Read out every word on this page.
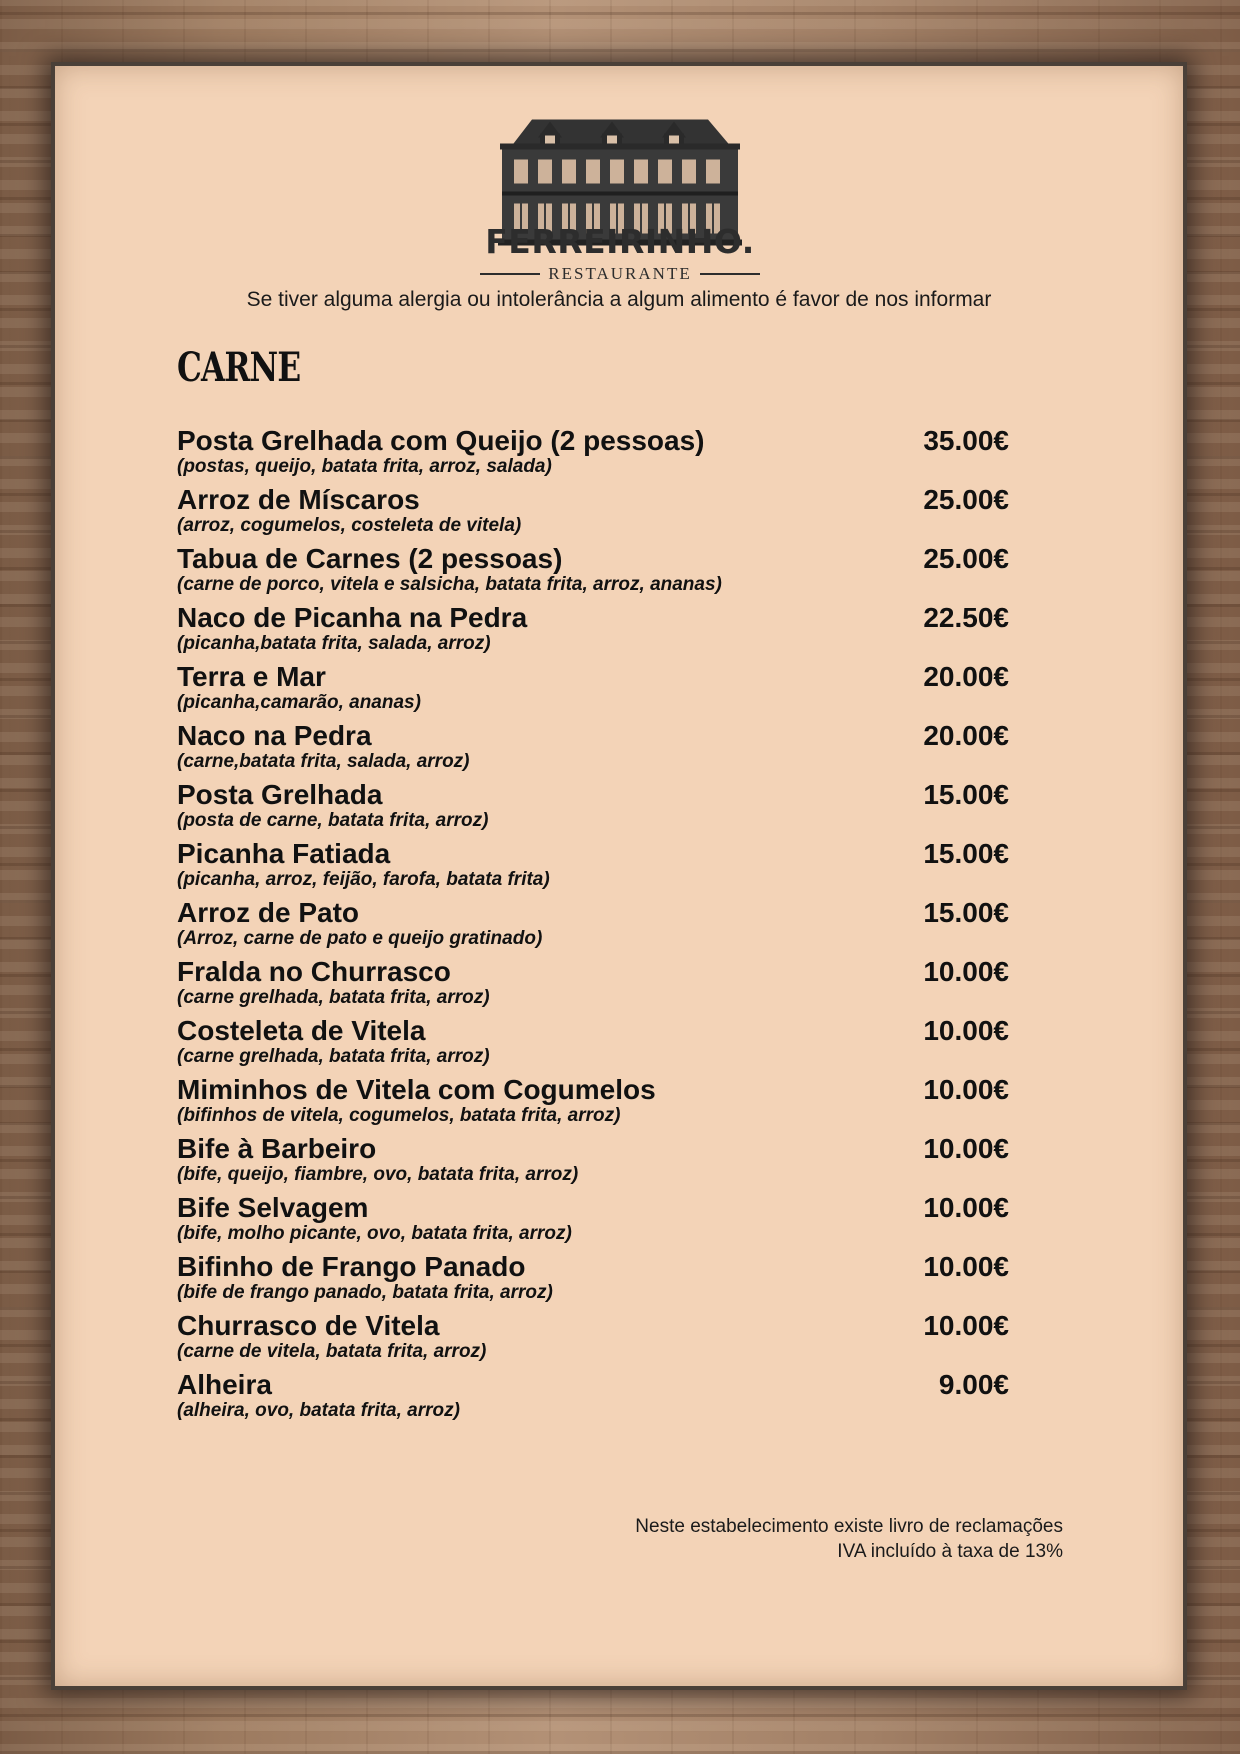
FERREIRINHO.
RESTAURANTE
Se tiver alguma alergia ou intolerância a algum alimento é favor de nos informar
CARNE
Posta Grelhada com Queijo (2 pessoas)	35.00€
(postas, queijo, batata frita, arroz, salada)
Arroz de Míscaros	25.00€
(arroz, cogumelos, costeleta de vitela)
Tabua de Carnes (2 pessoas)	25.00€
(carne de porco, vitela e salsicha, batata frita, arroz, ananas)
Naco de Picanha na Pedra	22.50€
(picanha,batata frita, salada, arroz)
Terra e Mar	20.00€
(picanha,camarão, ananas)
Naco na Pedra	20.00€
(carne,batata frita, salada, arroz)
Posta Grelhada	15.00€
(posta de carne, batata frita, arroz)
Picanha Fatiada	15.00€
(picanha, arroz, feijão, farofa, batata frita)
Arroz de Pato	15.00€
(Arroz, carne de pato e queijo gratinado)
Fralda no Churrasco	10.00€
(carne grelhada, batata frita, arroz)
Costeleta de Vitela	10.00€
(carne grelhada, batata frita, arroz)
Miminhos de Vitela com Cogumelos	10.00€
(bifinhos de vitela, cogumelos, batata frita, arroz)
Bife à Barbeiro	10.00€
(bife, queijo, fiambre, ovo, batata frita, arroz)
Bife Selvagem	10.00€
(bife, molho picante, ovo, batata frita, arroz)
Bifinho de Frango Panado	10.00€
(bife de frango panado, batata frita, arroz)
Churrasco de Vitela	10.00€
(carne de vitela, batata frita, arroz)
Alheira	9.00€
(alheira, ovo, batata frita, arroz)
Neste estabelecimento existe livro de reclamações
IVA incluído à taxa de 13%
